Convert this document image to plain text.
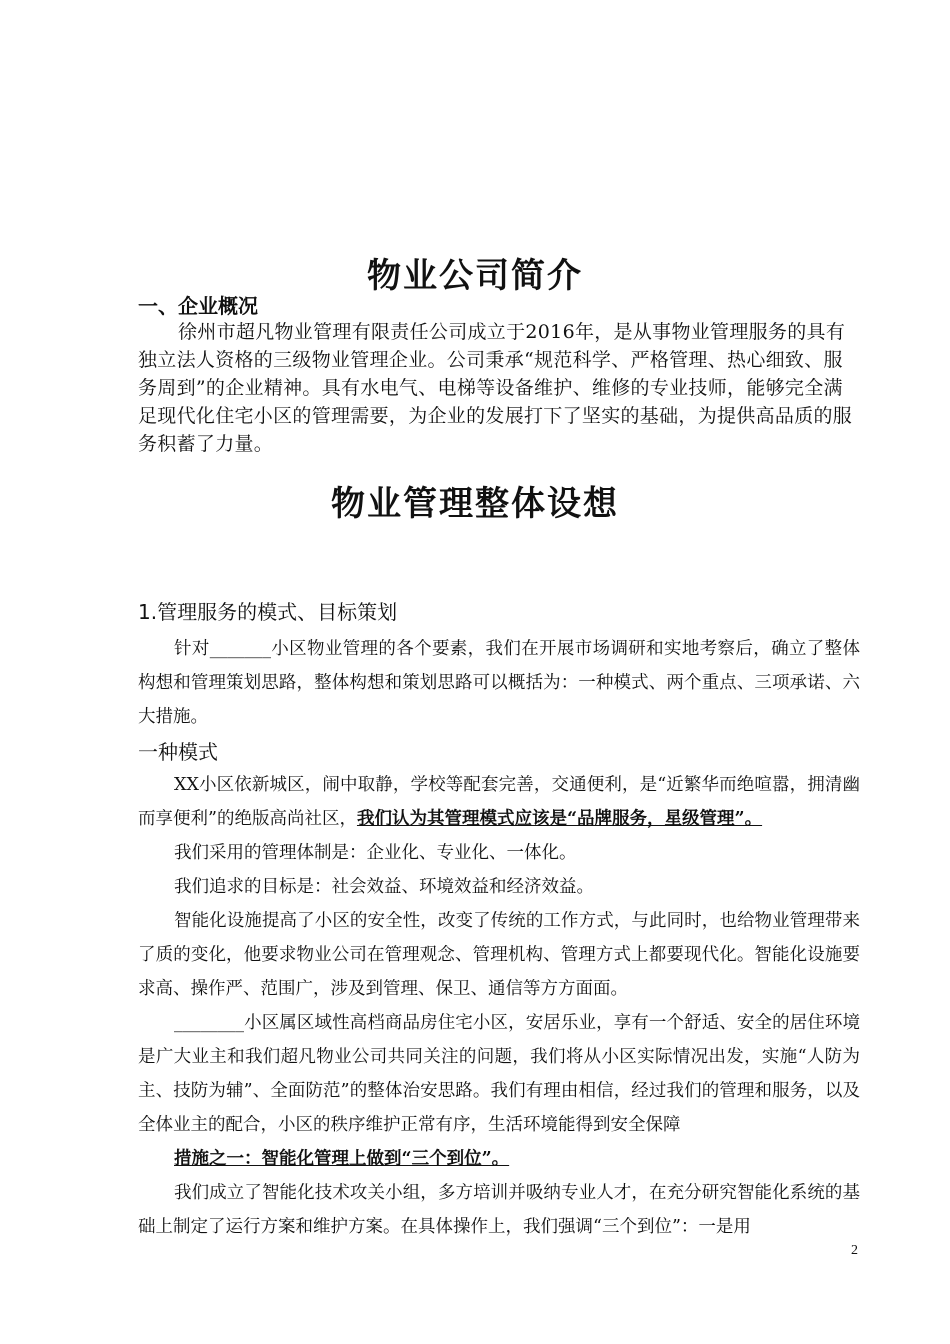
物业公司简介
一、企业概况
徐州市超凡物业管理有限责任公司成立于2016年，是从事物业管理服务的具有独立法人资格的三级物业管理企业。公司秉承“规范科学、严格管理、热心细致、服务周到”的企业精神。具有水电气、电梯等设备维护、维修的专业技师，能够完全满足现代化住宅小区的管理需要，为企业的发展打下了坚实的基础，为提供高品质的服务积蓄了力量。
物业管理整体设想
1.管理服务的模式、目标策划

针对_______小区物业管理的各个要素，我们在开展市场调研和实地考察后，确立了整体构想和管理策划思路，整体构想和策划思路可以概括为：一种模式、两个重点、三项承诺、六大措施。

一种模式

XX小区依新城区，闹中取静，学校等配套完善，交通便利，是“近繁华而绝喧嚣，拥清幽而享便利”的绝版高尚社区，我们认为其管理模式应该是“品牌服务，星级管理”。

我们采用的管理体制是：企业化、专业化、一体化。

我们追求的目标是：社会效益、环境效益和经济效益。

智能化设施提高了小区的安全性，改变了传统的工作方式，与此同时，也给物业管理带来了质的变化，他要求物业公司在管理观念、管理机构、管理方式上都要现代化。智能化设施要求高、操作严、范围广，涉及到管理、保卫、通信等方方面面。

________小区属区域性高档商品房住宅小区，安居乐业，享有一个舒适、安全的居住环境是广大业主和我们超凡物业公司共同关注的问题，我们将从小区实际情况出发，实施“人防为主、技防为辅”、全面防范”的整体治安思路。我们有理由相信，经过我们的管理和服务，以及全体业主的配合，小区的秩序维护正常有序，生活环境能得到安全保障

措施之一：智能化管理上做到“三个到位”。

我们成立了智能化技术攻关小组，多方培训并吸纳专业人才，在充分研究智能化系统的基础上制定了运行方案和维护方案。在具体操作上，我们强调“三个到位”：一是用

2
